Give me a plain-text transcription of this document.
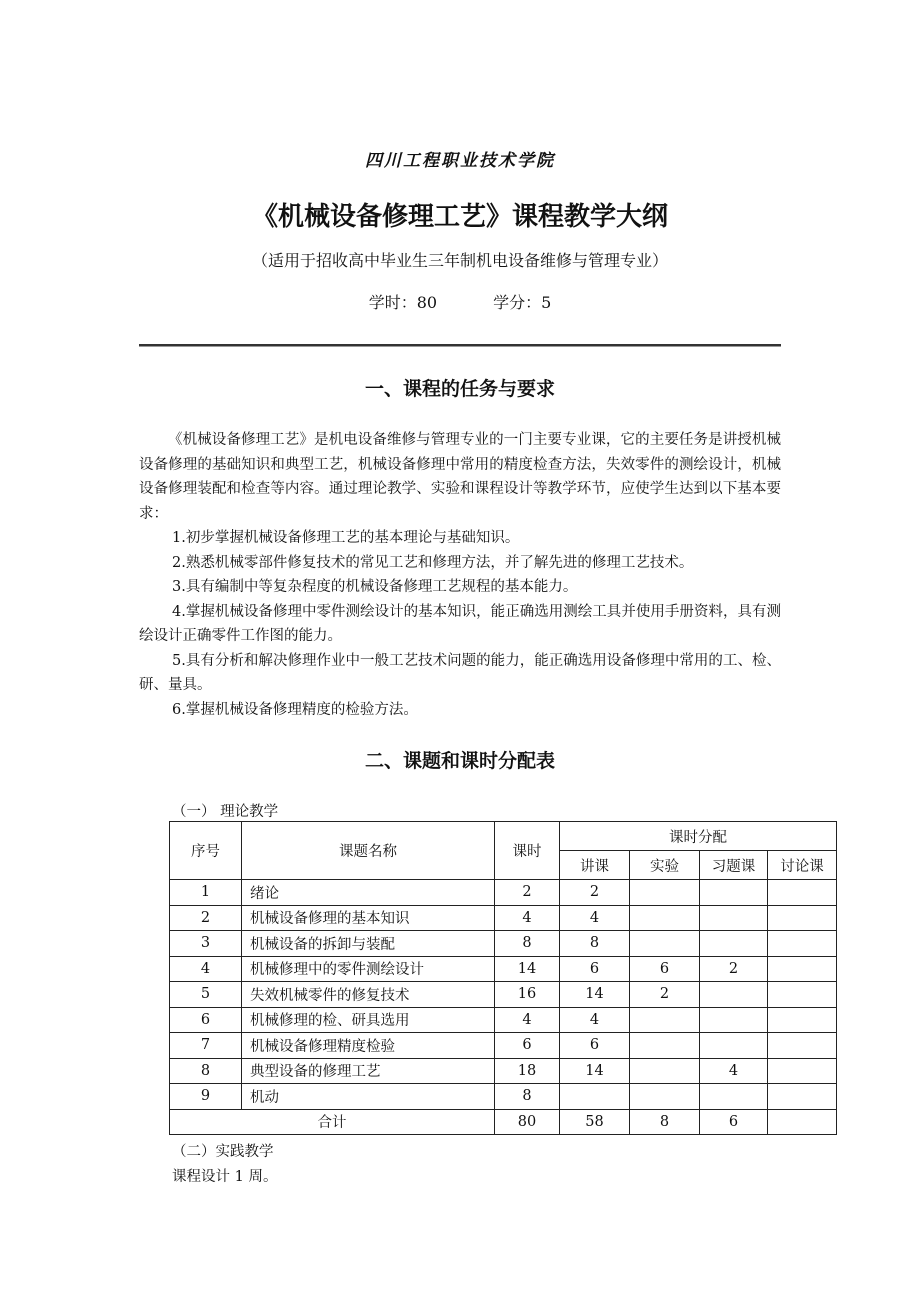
四川工程职业技术学院
《机械设备修理工艺》课程教学大纲
（适用于招收高中毕业生三年制机电设备维修与管理专业）
学时：80	学分：5
一、课程的任务与要求

《机械设备修理工艺》是机电设备维修与管理专业的一门主要专业课，它的主要任务是讲授机械设备修理的基础知识和典型工艺，机械设备修理中常用的精度检查方法，失效零件的测绘设计，机械设备修理装配和检查等内容。通过理论教学、实验和课程设计等教学环节，应使学生达到以下基本要求：

1.初步掌握机械设备修理工艺的基本理论与基础知识。

2.熟悉机械零部件修复技术的常见工艺和修理方法，并了解先进的修理工艺技术。

3.具有编制中等复杂程度的机械设备修理工艺规程的基本能力。

4.掌握机械设备修理中零件测绘设计的基本知识，能正确选用测绘工具并使用手册资料，具有测绘设计正确零件工作图的能力。

5.具有分析和解决修理作业中一般工艺技术问题的能力，能正确选用设备修理中常用的工、检、研、量具。

6.掌握机械设备修理精度的检验方法。

二、课题和课时分配表
（一） 理论教学
序号	课题名称	课时	课时分配			
			讲课	实验	习题课	讨论课
1	绪论	2	2			
2	机械设备修理的基本知识	4	4			
3	机械设备的拆卸与装配	8	8			
4	机械修理中的零件测绘设计	14	6	6	2	
5	失效机械零件的修复技术	16	14	2		
6	机械修理的检、研具选用	4	4			
7	机械设备修理精度检验	6	6			
8	典型设备的修理工艺	18	14		4	
9	机动	8				
合计		80	58	8	6	
（二）实践教学
课程设计 1 周。
